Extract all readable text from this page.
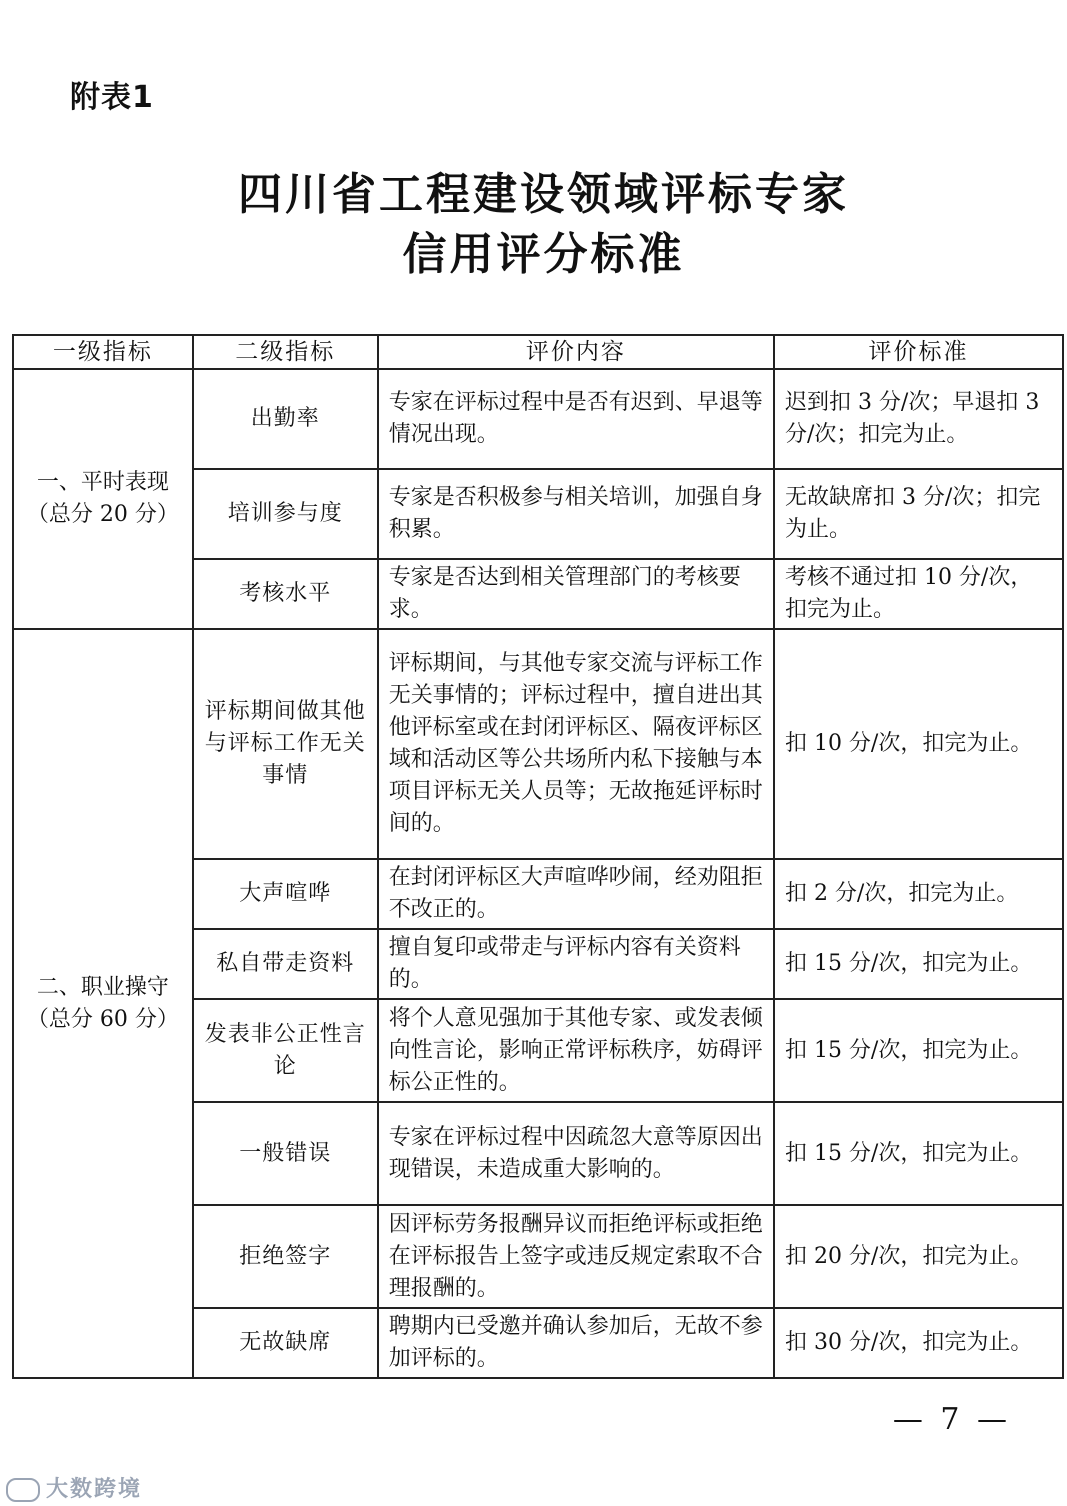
附表1
四川省工程建设领域评标专家
信用评分标准
一级指标	二级指标	评价内容	评价标准

一、平时表现
（总分 20 分）	出勤率	专家在评标过程中是否有迟到、早退等情况出现。	迟到扣 3 分/次；早退扣 3 分/次；扣完为止。
	培训参与度	专家是否积极参与相关培训，加强自身积累。	无故缺席扣 3 分/次；扣完为止。
	考核水平	专家是否达到相关管理部门的考核要求。	考核不通过扣 10 分/次，扣完为止。

二、职业操守
（总分 60 分）	评标期间做其他与评标工作无关事情	评标期间，与其他专家交流与评标工作无关事情的；评标过程中，擅自进出其他评标室或在封闭评标区、隔夜评标区域和活动区等公共场所内私下接触与本项目评标无关人员等；无故拖延评标时间的。	扣 10 分/次，扣完为止。
	大声喧哗	在封闭评标区大声喧哗吵闹，经劝阻拒不改正的。	扣 2 分/次，扣完为止。
	私自带走资料	擅自复印或带走与评标内容有关资料的。	扣 15 分/次，扣完为止。
	发表非公正性言论	将个人意见强加于其他专家、或发表倾向性言论，影响正常评标秩序，妨碍评标公正性的。	扣 15 分/次，扣完为止。
	一般错误	专家在评标过程中因疏忽大意等原因出现错误，未造成重大影响的。	扣 15 分/次，扣完为止。
	拒绝签字	因评标劳务报酬异议而拒绝评标或拒绝在评标报告上签字或违反规定索取不合理报酬的。	扣 20 分/次，扣完为止。
	无故缺席	聘期内已受邀并确认参加后，无故不参加评标的。	扣 30 分/次，扣完为止。
— 7 —
大数跨境
